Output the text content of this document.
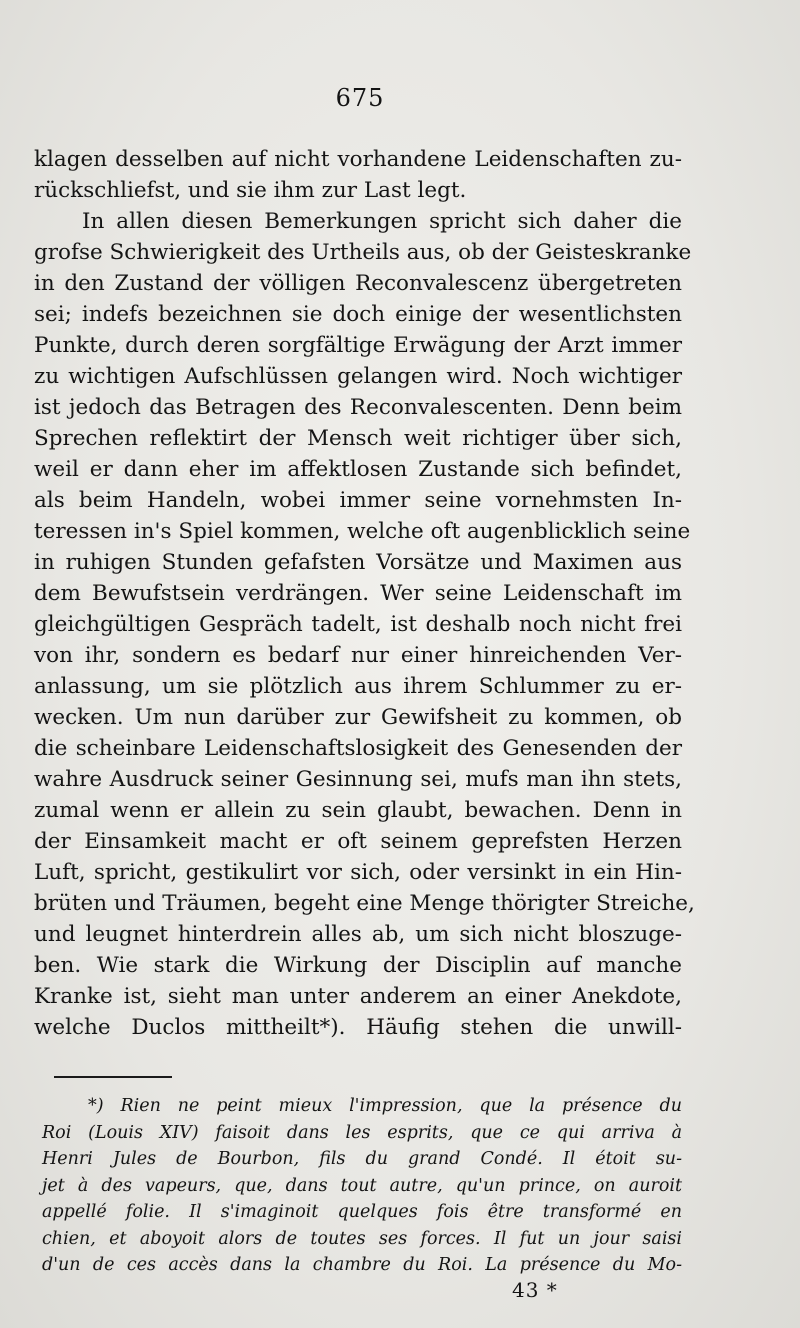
675
klagen desselben auf nicht vorhandene Leidenschaften zu-
rückschliefst, und sie ihm zur Last legt.
In allen diesen Bemerkungen spricht sich daher die
grofse Schwierigkeit des Urtheils aus, ob der Geisteskranke
in den Zustand der völligen Reconvalescenz übergetreten
sei; indefs bezeichnen sie doch einige der wesentlichsten
Punkte, durch deren sorgfältige Erwägung der Arzt immer
zu wichtigen Aufschlüssen gelangen wird. Noch wichtiger
ist jedoch das Betragen des Reconvalescenten. Denn beim
Sprechen reflektirt der Mensch weit richtiger über sich,
weil er dann eher im affektlosen Zustande sich befindet,
als beim Handeln, wobei immer seine vornehmsten In-
teressen in's Spiel kommen, welche oft augenblicklich seine
in ruhigen Stunden gefafsten Vorsätze und Maximen aus
dem Bewufstsein verdrängen. Wer seine Leidenschaft im
gleichgültigen Gespräch tadelt, ist deshalb noch nicht frei
von ihr, sondern es bedarf nur einer hinreichenden Ver-
anlassung, um sie plötzlich aus ihrem Schlummer zu er-
wecken. Um nun darüber zur Gewifsheit zu kommen, ob
die scheinbare Leidenschaftslosigkeit des Genesenden der
wahre Ausdruck seiner Gesinnung sei, mufs man ihn stets,
zumal wenn er allein zu sein glaubt, bewachen. Denn in
der Einsamkeit macht er oft seinem geprefsten Herzen
Luft, spricht, gestikulirt vor sich, oder versinkt in ein Hin-
brüten und Träumen, begeht eine Menge thörigter Streiche,
und leugnet hinterdrein alles ab, um sich nicht bloszuge-
ben. Wie stark die Wirkung der Disciplin auf manche
Kranke ist, sieht man unter anderem an einer Anekdote,
welche Duclos mittheilt*). Häufig stehen die unwill-
*) Rien ne peint mieux l'impression, que la présence du
Roi (Louis XIV) faisoit dans les esprits, que ce qui arriva à
Henri Jules de Bourbon, fils du grand Condé. Il étoit su-
jet à des vapeurs, que, dans tout autre, qu'un prince, on auroit
appellé folie. Il s'imaginoit quelques fois être transformé en
chien, et aboyoit alors de toutes ses forces. Il fut un jour saisi
d'un de ces accès dans la chambre du Roi. La présence du Mo-
43 *
